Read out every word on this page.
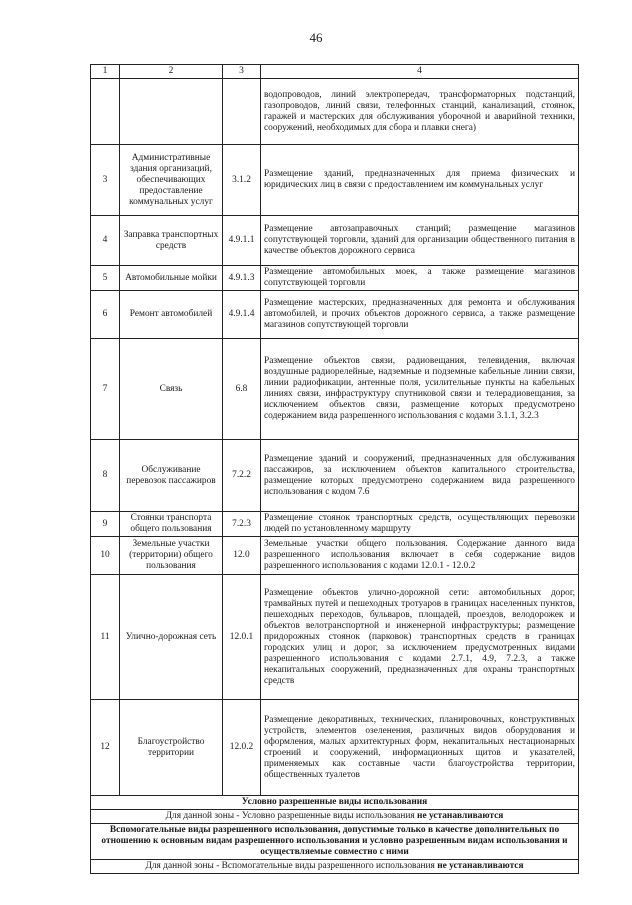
46
1	2	3	4
			водопроводов, линий электропередач, трансформаторных подстанций, газопроводов, линий связи, телефонных станций, канализаций, стоянок, гаражей и мастерских для обслуживания уборочной и аварийной техники, сооружений, необходимых для сбора и плавки снега)
3	Административные здания организаций, обеспечивающих предоставление коммунальных услуг	3.1.2	Размещение зданий, предназначенных для приема физических и юридических лиц в связи с предоставлением им коммунальных услуг
4	Заправка транспортных средств	4.9.1.1	Размещение автозаправочных станций; размещение магазинов сопутствующей торговли, зданий для организации общественного питания в качестве объектов дорожного сервиса
5	Автомобильные мойки	4.9.1.3	Размещение автомобильных моек, а также размещение магазинов сопутствующей торговли
6	Ремонт автомобилей	4.9.1.4	Размещение мастерских, предназначенных для ремонта и обслуживания автомобилей, и прочих объектов дорожного сервиса, а также размещение магазинов сопутствующей торговли
7	Связь	6.8	Размещение объектов связи, радиовещания, телевидения, включая воздушные радиорелейные, надземные и подземные кабельные линии связи, линии радиофикации, антенные поля, усилительные пункты на кабельных линиях связи, инфраструктуру спутниковой связи и телерадиовещания, за исключением объектов связи, размещение которых предусмотрено содержанием вида разрешенного использования с кодами 3.1.1, 3.2.3
8	Обслуживание перевозок пассажиров	7.2.2	Размещение зданий и сооружений, предназначенных для обслуживания пассажиров, за исключением объектов капитального строительства, размещение которых предусмотрено содержанием вида разрешенного использования с кодом 7.6
9	Стоянки транспорта общего пользования	7.2.3	Размещение стоянок транспортных средств, осуществляющих перевозки людей по установленному маршруту
10	Земельные участки (территории) общего пользования	12.0	Земельные участки общего пользования. Содержание данного вида разрешенного использования включает в себя содержание видов разрешенного использования с кодами 12.0.1 - 12.0.2
11	Улично-дорожная сеть	12.0.1	Размещение объектов улично-дорожной сети: автомобильных дорог, трамвайных путей и пешеходных тротуаров в границах населенных пунктов, пешеходных переходов, бульваров, площадей, проездов, велодорожек и объектов велотранспортной и инженерной инфраструктуры; размещение придорожных стоянок (парковок) транспортных средств в границах городских улиц и дорог, за исключением предусмотренных видами разрешенного использования с кодами 2.7.1, 4.9, 7.2.3, а также некапитальных сооружений, предназначенных для охраны транспортных средств
12	Благоустройство территории	12.0.2	Размещение декоративных, технических, планировочных, конструктивных устройств, элементов озеленения, различных видов оборудования и оформления, малых архитектурных форм, некапитальных нестационарных строений и сооружений, информационных щитов и указателей, применяемых как составные части благоустройства территории, общественных туалетов
Условно разрешенные виды использования			
Для данной зоны - Условно разрешенные виды использования не устанавливаются			
Вспомогательные виды разрешенного использования, допустимые только в качестве дополнительных по отношению к основным видам разрешенного использования и условно разрешенным видам использования и осуществляемые совместно с ними			
Для данной зоны - Вспомогательные виды разрешенного использования не устанавливаются			
